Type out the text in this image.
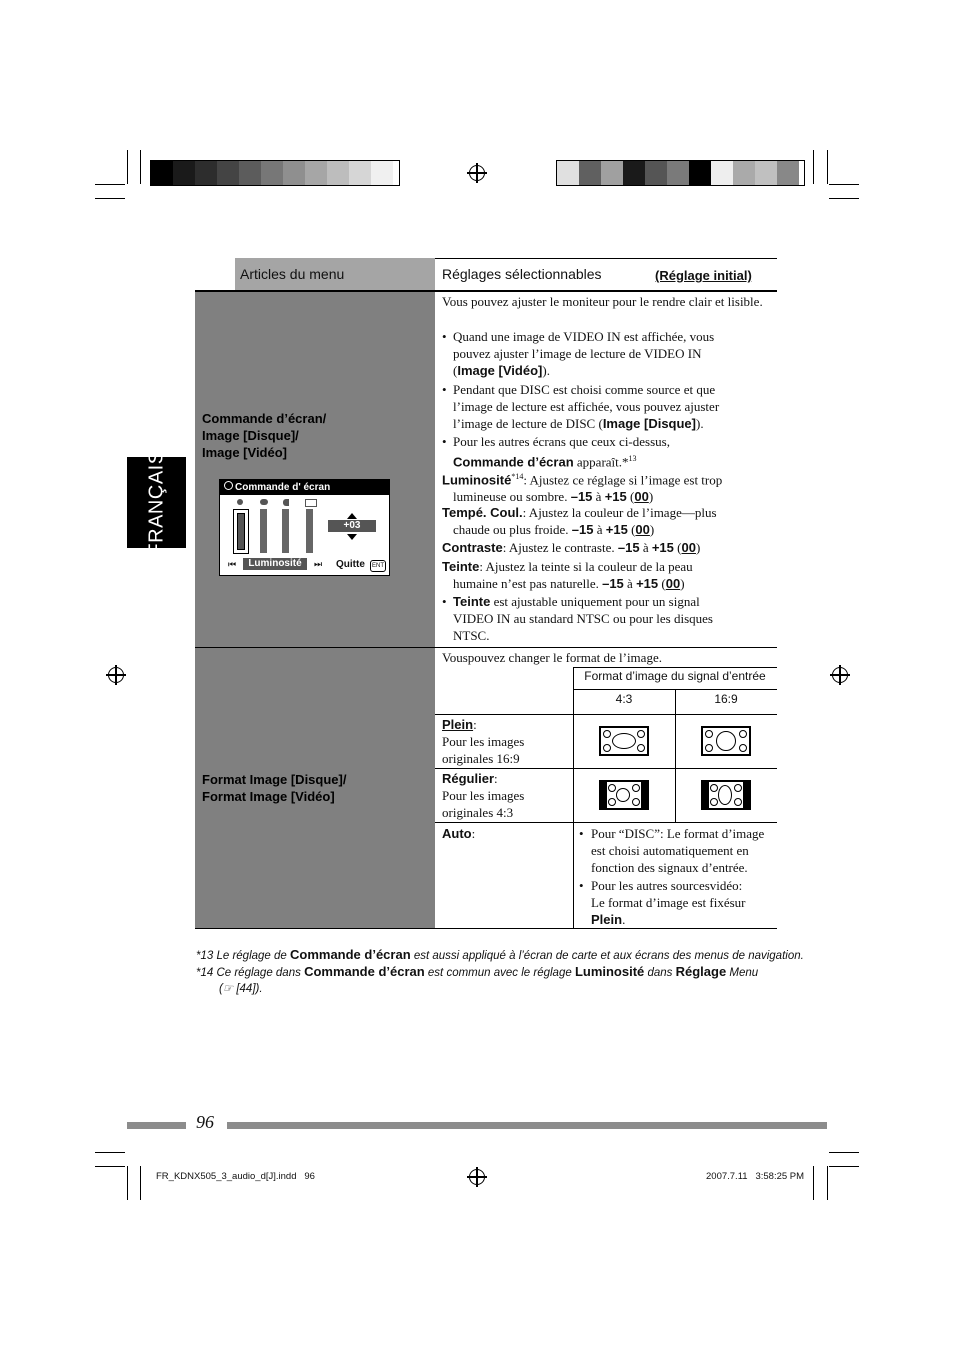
FRANÇAIS
Articles du menu	Réglages sélectionnables	(Réglage initial)
Commande d’écran/
Image [Disque]/
Image [Vidéo]
Commande d' écran
+03
⏮	Luminosité	⏭ Quitte	ENT
Vous pouvez ajuster le moniteur pour le rendre clair et lisible.
• Quand une image de VIDEO IN est affichée, vous
pouvez ajuster l’image de lecture de VIDEO IN
(Image [Vidéo]).
• Pendant que DISC est choisi comme source et que
l’image de lecture est affichée, vous pouvez ajuster
l’image de lecture de DISC (Image [Disque]).
• Pour les autres écrans que ceux ci-dessus,
Commande d’écran apparaît.*$^{13}$
Luminosité$^{*14}$: Ajustez ce réglage si l’image est trop
lumineuse ou sombre. –15 à +15 (00)
Tempé. Coul.: Ajustez la couleur de l’image—plus
chaude ou plus froide. –15 à +15 (00)
Contraste: Ajustez le contraste. –15 à +15 (00)
Teinte: Ajustez la teinte si la couleur de la peau
humaine n’est pas naturelle. –15 à +15 (00)
• Teinte est ajustable uniquement pour un signal
VIDEO IN au standard NTSC ou pour les disques
NTSC.
Format Image [Disque]/
Format Image [Vidéo]
Vouspouvez changer le format de l’image.
Format d’image du signal d’entrée
4:3	16:9
Plein:
Pour les images
originales 16:9
Régulier:
Pour les images
originales 4:3
Auto:	• Pour “DISC”: Le format d’image
est choisi automatiquement en
fonction des signaux d’entrée.
• Pour les autres sourcesvidéo:
Le format d’image est fixésur
Plein.
*13 Le réglage de Commande d’écran est aussi appliqué à l’écran de carte et aux écrans des menus de navigation.
*14 Ce réglage dans Commande d’écran est commun avec le réglage Luminosité dans Réglage Menu
(☞ [44]).
96
FR_KDNX505_3_audio_d[J].indd   96	2007.7.11   3:58:25 PM
